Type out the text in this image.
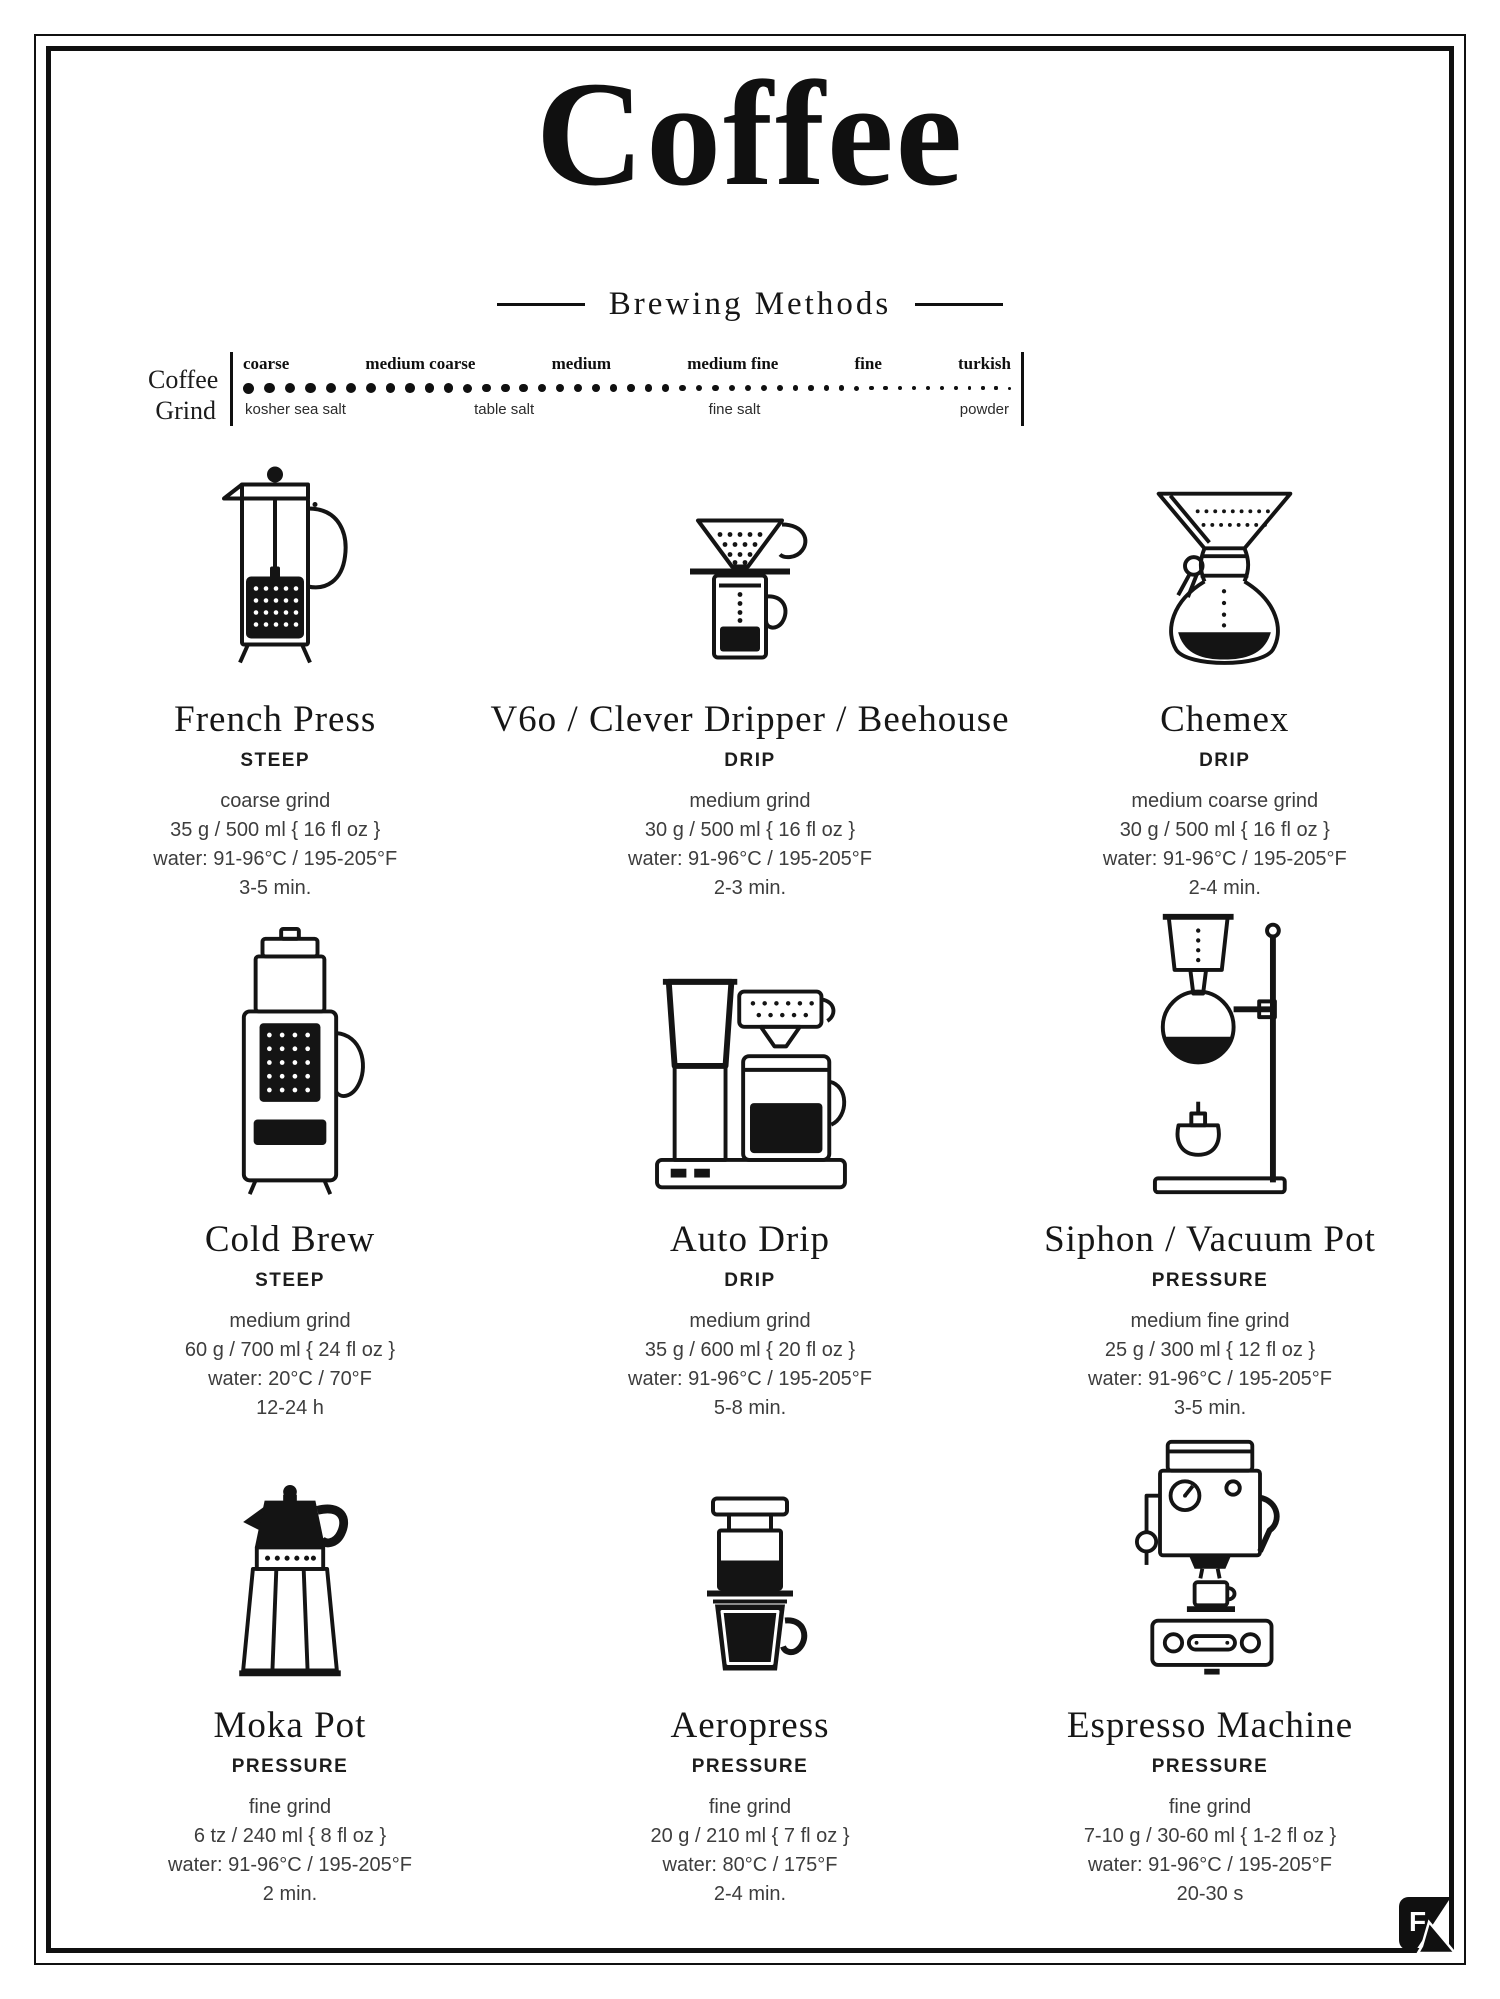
Coffee
Brewing Methods
Coffee
Grind
coarse	medium coarse	medium	medium fine	fine	turkish
kosher sea salt	table salt	fine salt	powder
French Press
STEEP
coarse grind
35 g / 500 ml { 16 fl oz }
water: 91-96°C / 195-205°F
3-5 min.
V6o / Clever Dripper / Beehouse
DRIP
medium grind
30 g / 500 ml { 16 fl oz }
water: 91-96°C / 195-205°F
2-3 min.
Chemex
DRIP
medium coarse grind
30 g / 500 ml { 16 fl oz }
water: 91-96°C / 195-205°F
2-4 min.
Cold Brew
STEEP
medium grind
60 g / 700 ml { 24 fl oz }
water: 20°C / 70°F
12-24 h
Auto Drip
DRIP
medium grind
35 g / 600 ml { 20 fl oz }
water: 91-96°C / 195-205°F
5-8 min.
Siphon / Vacuum Pot
PRESSURE
medium fine grind
25 g / 300 ml { 12 fl oz }
water: 91-96°C / 195-205°F
3-5 min.
Moka Pot
PRESSURE
fine grind
6 tz / 240 ml { 8 fl oz }
water: 91-96°C / 195-205°F
2 min.
Aeropress
PRESSURE
fine grind
20 g / 210 ml { 7 fl oz }
water: 80°C / 175°F
2-4 min.
Espresso Machine
PRESSURE
fine grind
7-10 g / 30-60 ml { 1-2 fl oz }
water: 91-96°C / 195-205°F
20-30 s
F
